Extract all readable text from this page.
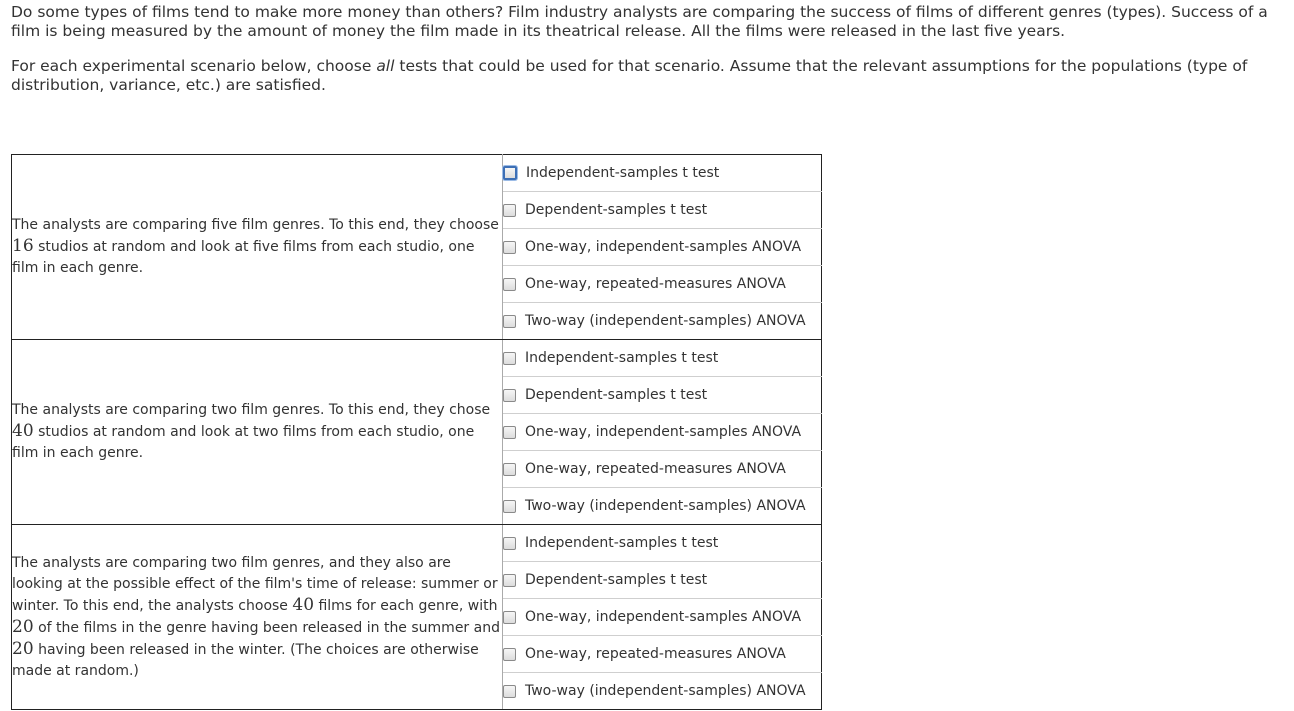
Do some types of films tend to make more money than others? Film industry analysts are comparing the success of films of different genres (types). Success of a film is being measured by the amount of money the film made in its theatrical release. All the films were released in the last five years.

For each experimental scenario below, choose all tests that could be used for that scenario. Assume that the relevant assumptions for the populations (type of distribution, variance, etc.) are satisfied.

The analysts are comparing five film genres. To this end, they choose 16 studios at random and look at five films from each studio, one film in each genre.	Independent-samples t test

	Dependent-samples t test

	One-way, independent-samples ANOVA

	One-way, repeated-measures ANOVA

	Two-way (independent-samples) ANOVA

The analysts are comparing two film genres. To this end, they chose 40 studios at random and look at two films from each studio, one film in each genre.	Independent-samples t test

	Dependent-samples t test

	One-way, independent-samples ANOVA

	One-way, repeated-measures ANOVA

	Two-way (independent-samples) ANOVA

The analysts are comparing two film genres, and they also are looking at the possible effect of the film's time of release: summer or winter. To this end, the analysts choose 40 films for each genre, with 20 of the films in the genre having been released in the summer and 20 having been released in the winter. (The choices are otherwise made at random.)	Independent-samples t test

	Dependent-samples t test

	One-way, independent-samples ANOVA

	One-way, repeated-measures ANOVA

	Two-way (independent-samples) ANOVA
